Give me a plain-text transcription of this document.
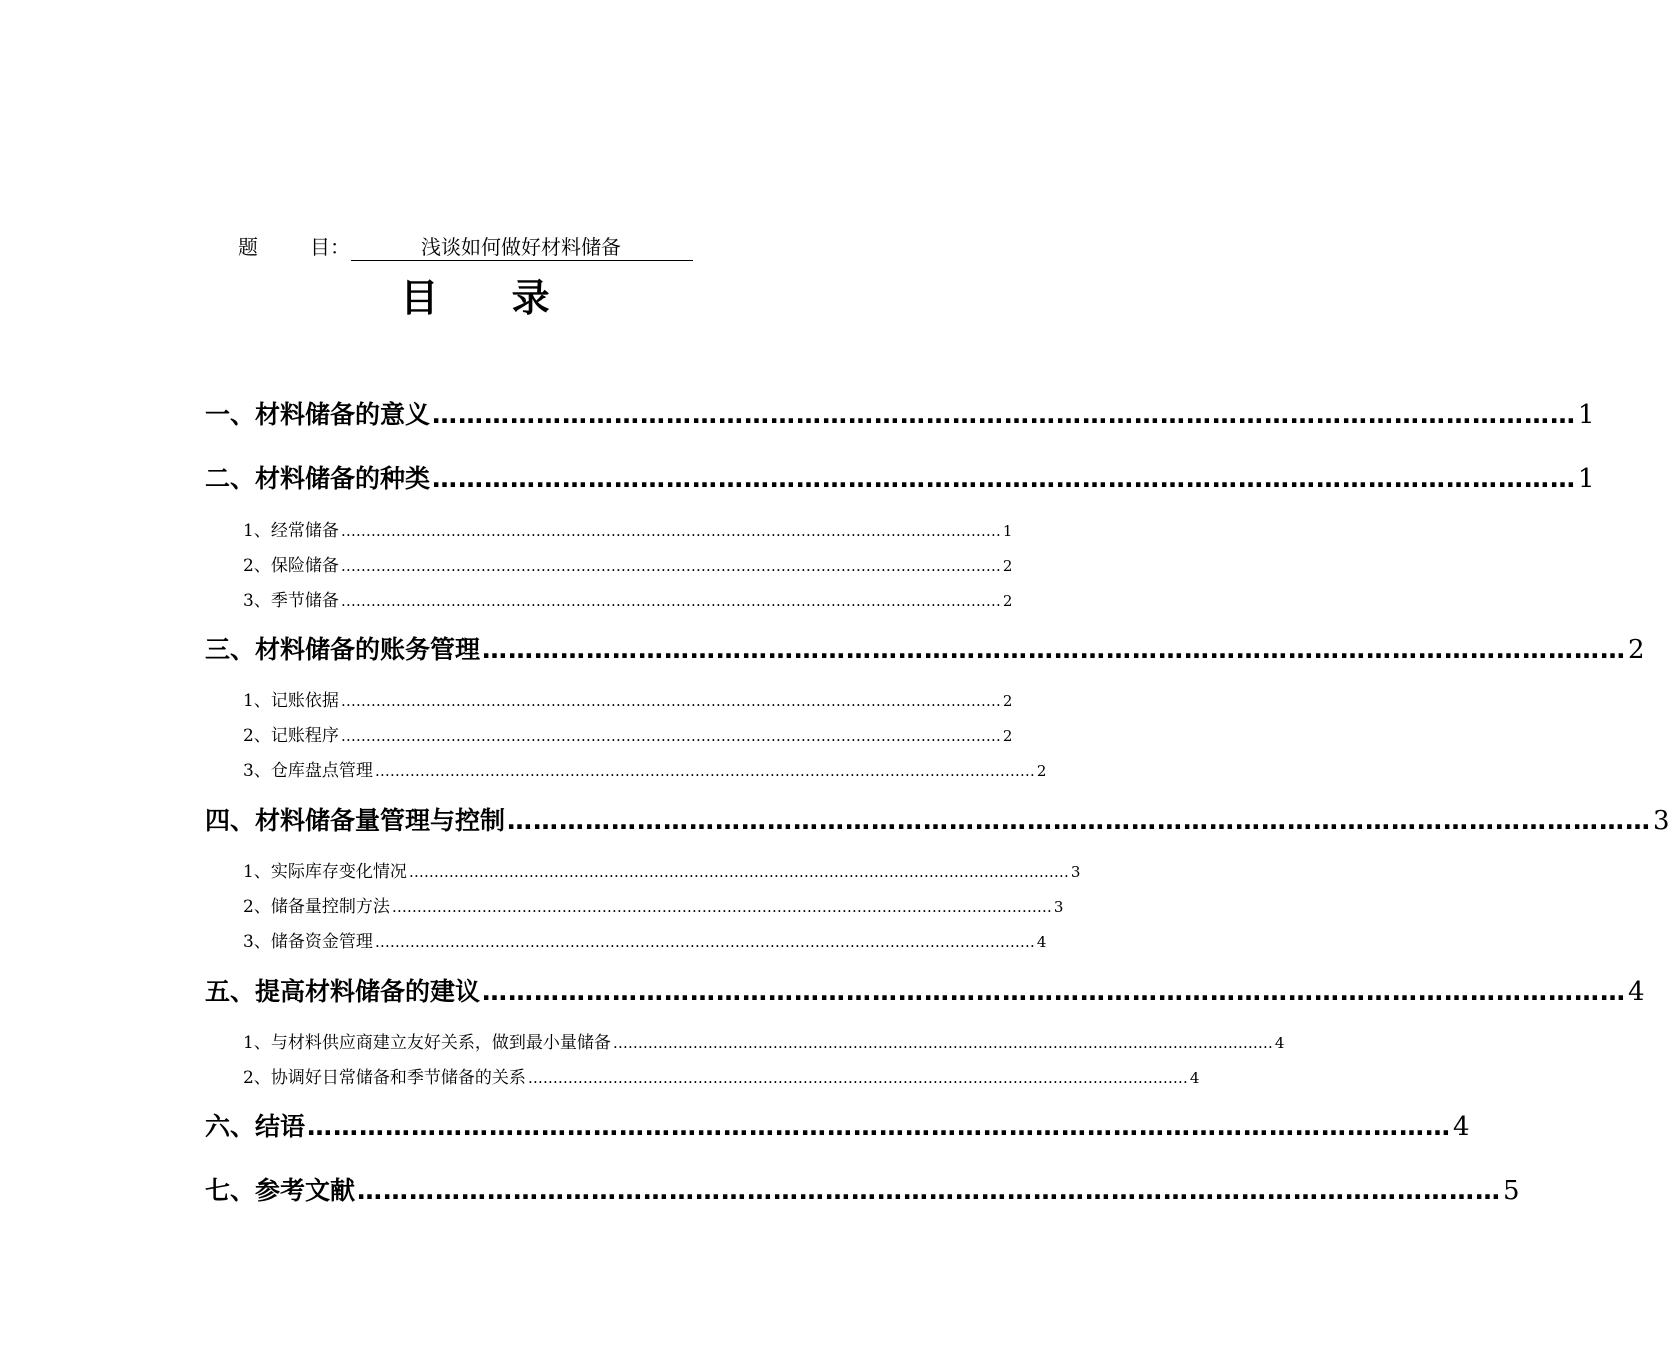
题	目：	浅谈如何做好材料储备
目 录
一、材料储备的意义 …………………………………………………………………………………………………………………… 1
二、材料储备的种类 …………………………………………………………………………………………………………………… 1
1、经常储备 …………………………………………………………………………………………………………………… 1
2、保险储备 …………………………………………………………………………………………………………………… 2
3、季节储备 …………………………………………………………………………………………………………………… 2
三、材料储备的账务管理 …………………………………………………………………………………………………………………… 2
1、记账依据 …………………………………………………………………………………………………………………… 2
2、记账程序 …………………………………………………………………………………………………………………… 2
3、仓库盘点管理 …………………………………………………………………………………………………………………… 2
四、材料储备量管理与控制 …………………………………………………………………………………………………………………… 3
1、实际库存变化情况 …………………………………………………………………………………………………………………… 3
2、储备量控制方法 …………………………………………………………………………………………………………………… 3
3、储备资金管理 …………………………………………………………………………………………………………………… 4
五、提高材料储备的建议 …………………………………………………………………………………………………………………… 4
1、与材料供应商建立友好关系，做到最小量储备 …………………………………………………………………………………………………………………… 4
2、协调好日常储备和季节储备的关系 …………………………………………………………………………………………………………………… 4
六、结语 …………………………………………………………………………………………………………………… 4
七、参考文献 …………………………………………………………………………………………………………………… 5
